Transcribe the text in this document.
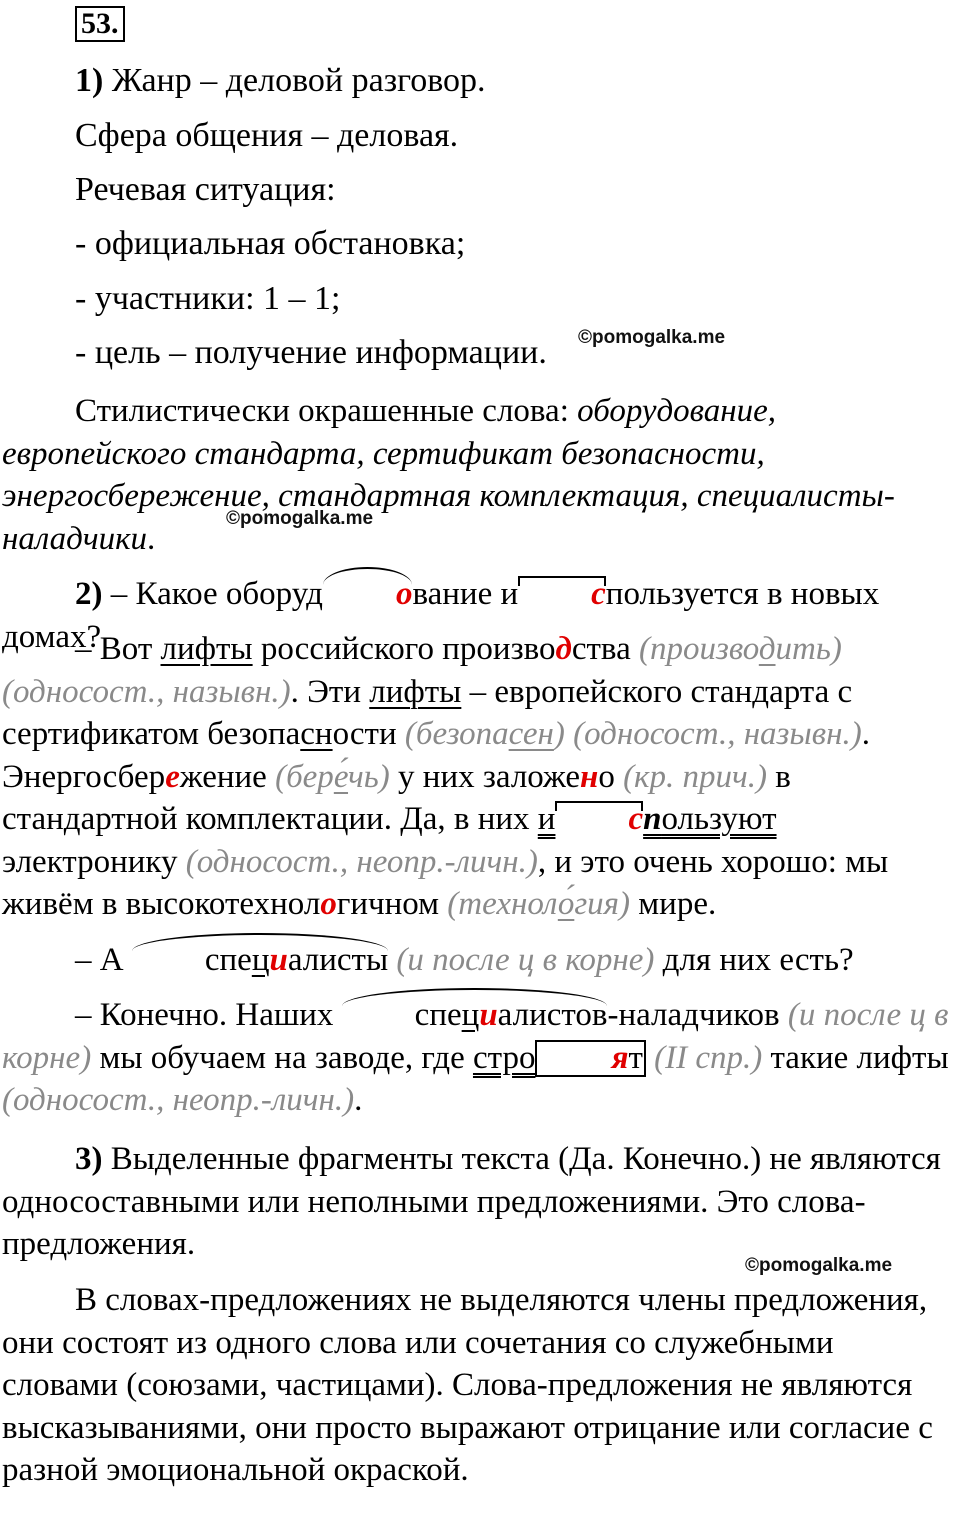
53.
1) Жанр – деловой разговор.
Сфера общения – деловая.
Речевая ситуация:
- официальная обстановка;
- участники: 1 – 1;
- цель – получение информации. ©pomogalka.me

Стилистически окрашенные слова: оборудование, европейского стандарта, сертификат безопасности, энергосбережение, стандартная комплектация, специалисты-наладчики.

©pomogalka.me

2) – Какое оборуд ование и спользуется в новых домах?

– Вот лифты российского производства (производить) (односост., назывн.). Эти лифты – европейского стандарта с сертификатом безопасности (безопасен) (односост., назывн.). Энергосбережение (бере́чь) у них заложено (кр. прич.) в стандартной комплектации. Да, в них и спользуют электронику (односост., неопр.-личн.), и это очень хорошо: мы живём в высокотехнологичном (техноло́гия) мире.

– А специалисты (и после ц в корне) для них есть?

– Конечно. Наших специалистов-наладчиков (и после ц в корне) мы обучаем на заводе, где стро ят (II спр.) такие лифты (односост., неопр.-личн.).

3) Выделенные фрагменты текста (Да. Конечно.) не являются односоставными или неполными предложениями. Это слова-предложения.

©pomogalka.me

В словах-предложениях не выделяются члены предложения, они состоят из одного слова или сочетания со служебными словами (союзами, частицами). Слова-предложения не являются высказываниями, они просто выражают отрицание или согласие с разной эмоциональной окраской.
